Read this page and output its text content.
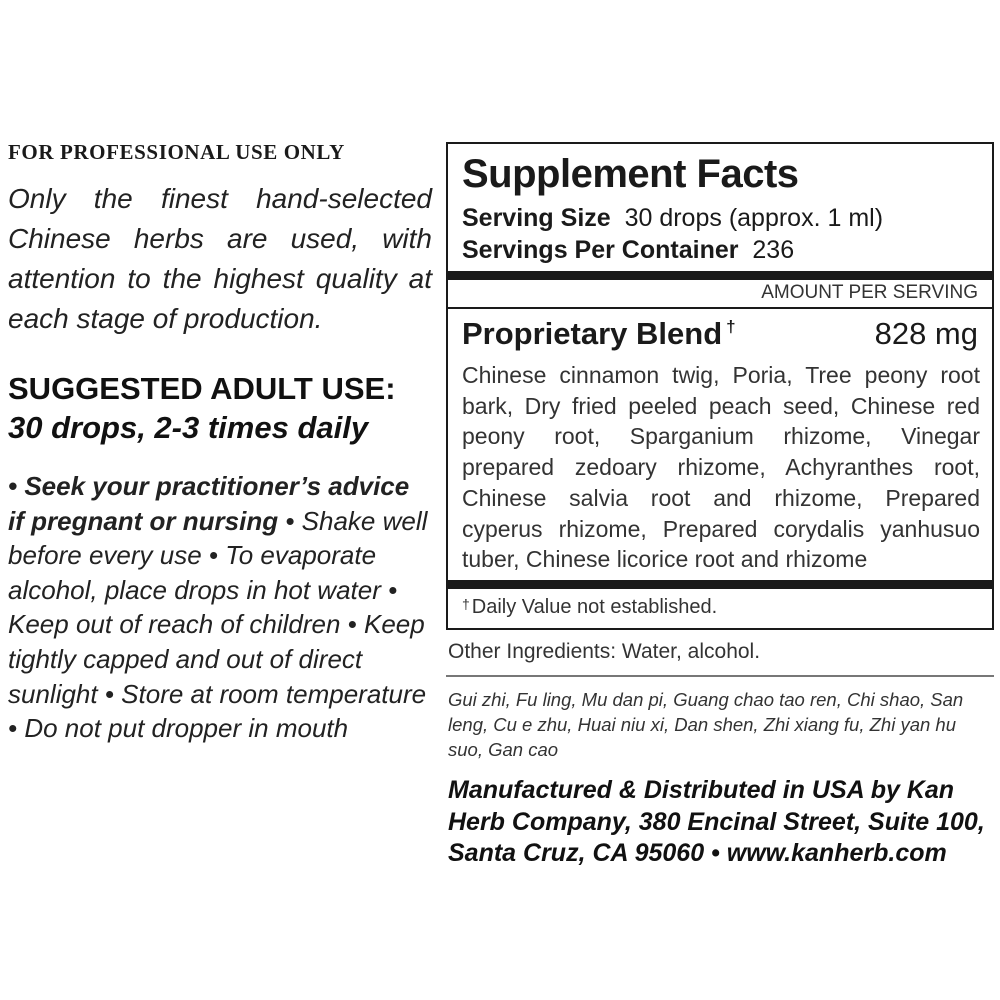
FOR PROFESSIONAL USE ONLY

Only the finest hand-selected Chinese herbs are used, with attention to the highest quality at each stage of production.

SUGGESTED ADULT USE:
30 drops, 2-3 times daily

• Seek your practitioner’s advice if pregnant or nursing • Shake well before every use • To evaporate alcohol, place drops in hot water • Keep out of reach of children • Keep tightly capped and out of direct sunlight • Store at room temperature • Do not put dropper in mouth

Supplement Facts
Serving Size 30 drops (approx. 1 ml)
Servings Per Container 236
AMOUNT PER SERVING
Proprietary Blend †	828 mg

Chinese cinnamon twig, Poria, Tree peony root bark, Dry fried peeled peach seed, Chinese red peony root, Sparganium rhizome, Vinegar prepared zedoary rhizome, Achyranthes root, Chinese salvia root and rhizome, Prepared cyperus rhizome, Prepared corydalis yanhusuo tuber, Chinese licorice root and rhizome

† Daily Value not established.
Other Ingredients: Water, alcohol.

Gui zhi, Fu ling, Mu dan pi, Guang chao tao ren, Chi shao, San leng, Cu e zhu, Huai niu xi, Dan shen, Zhi xiang fu, Zhi yan hu suo, Gan cao

Manufactured & Distributed in USA by Kan Herb Company, 380 Encinal Street, Suite 100, Santa Cruz, CA 95060 • www.kanherb.com
